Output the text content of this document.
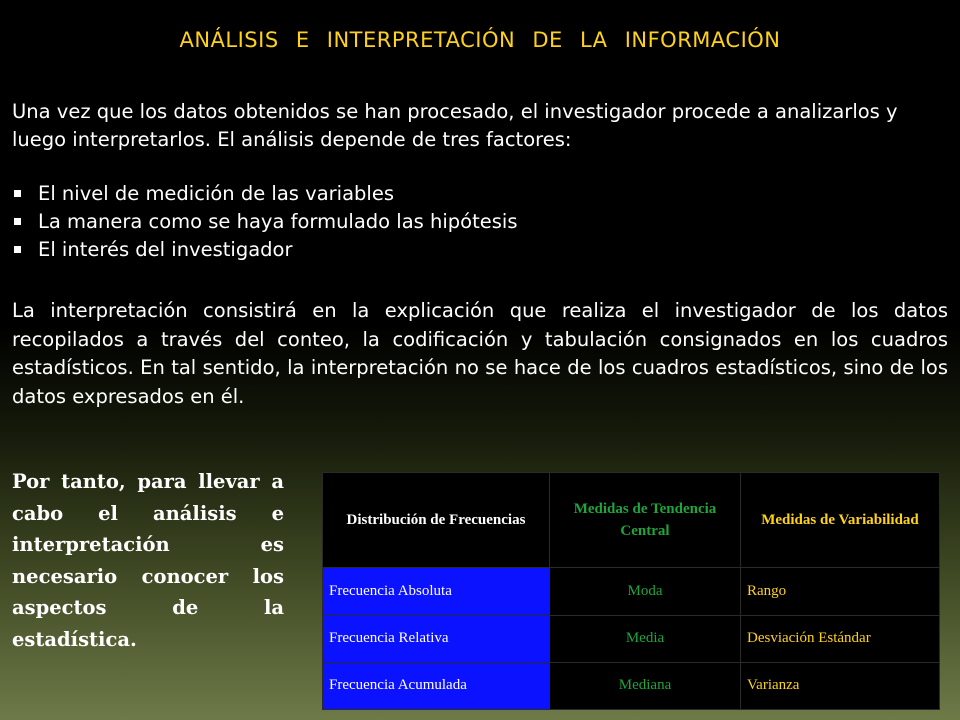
ANÁLISIS E INTERPRETACIÓN DE LA INFORMACIÓN

Una vez que los datos obtenidos se han procesado, el investigador procede a analizarlos y luego interpretarlos. El análisis depende de tres factores:

El nivel de medición de las variables
La manera como se haya formulado las hipótesis
El interés del investigador

La interpretación consistirá en la explicación que realiza el investigador de los datos recopilados a través del conteo, la codificación y tabulación consignados en los cuadros estadísticos. En tal sentido, la interpretación no se hace de los cuadros estadísticos, sino de los datos expresados en él.

Por tanto, para llevar a cabo el análisis e interpretación es necesario conocer los aspectos de la estadística.

Distribución de Frecuencias	Medidas de Tendencia Central	Medidas de Variabilidad
Frecuencia Absoluta	Moda	Rango
Frecuencia Relativa	Media	Desviación Estándar
Frecuencia Acumulada	Mediana	Varianza
